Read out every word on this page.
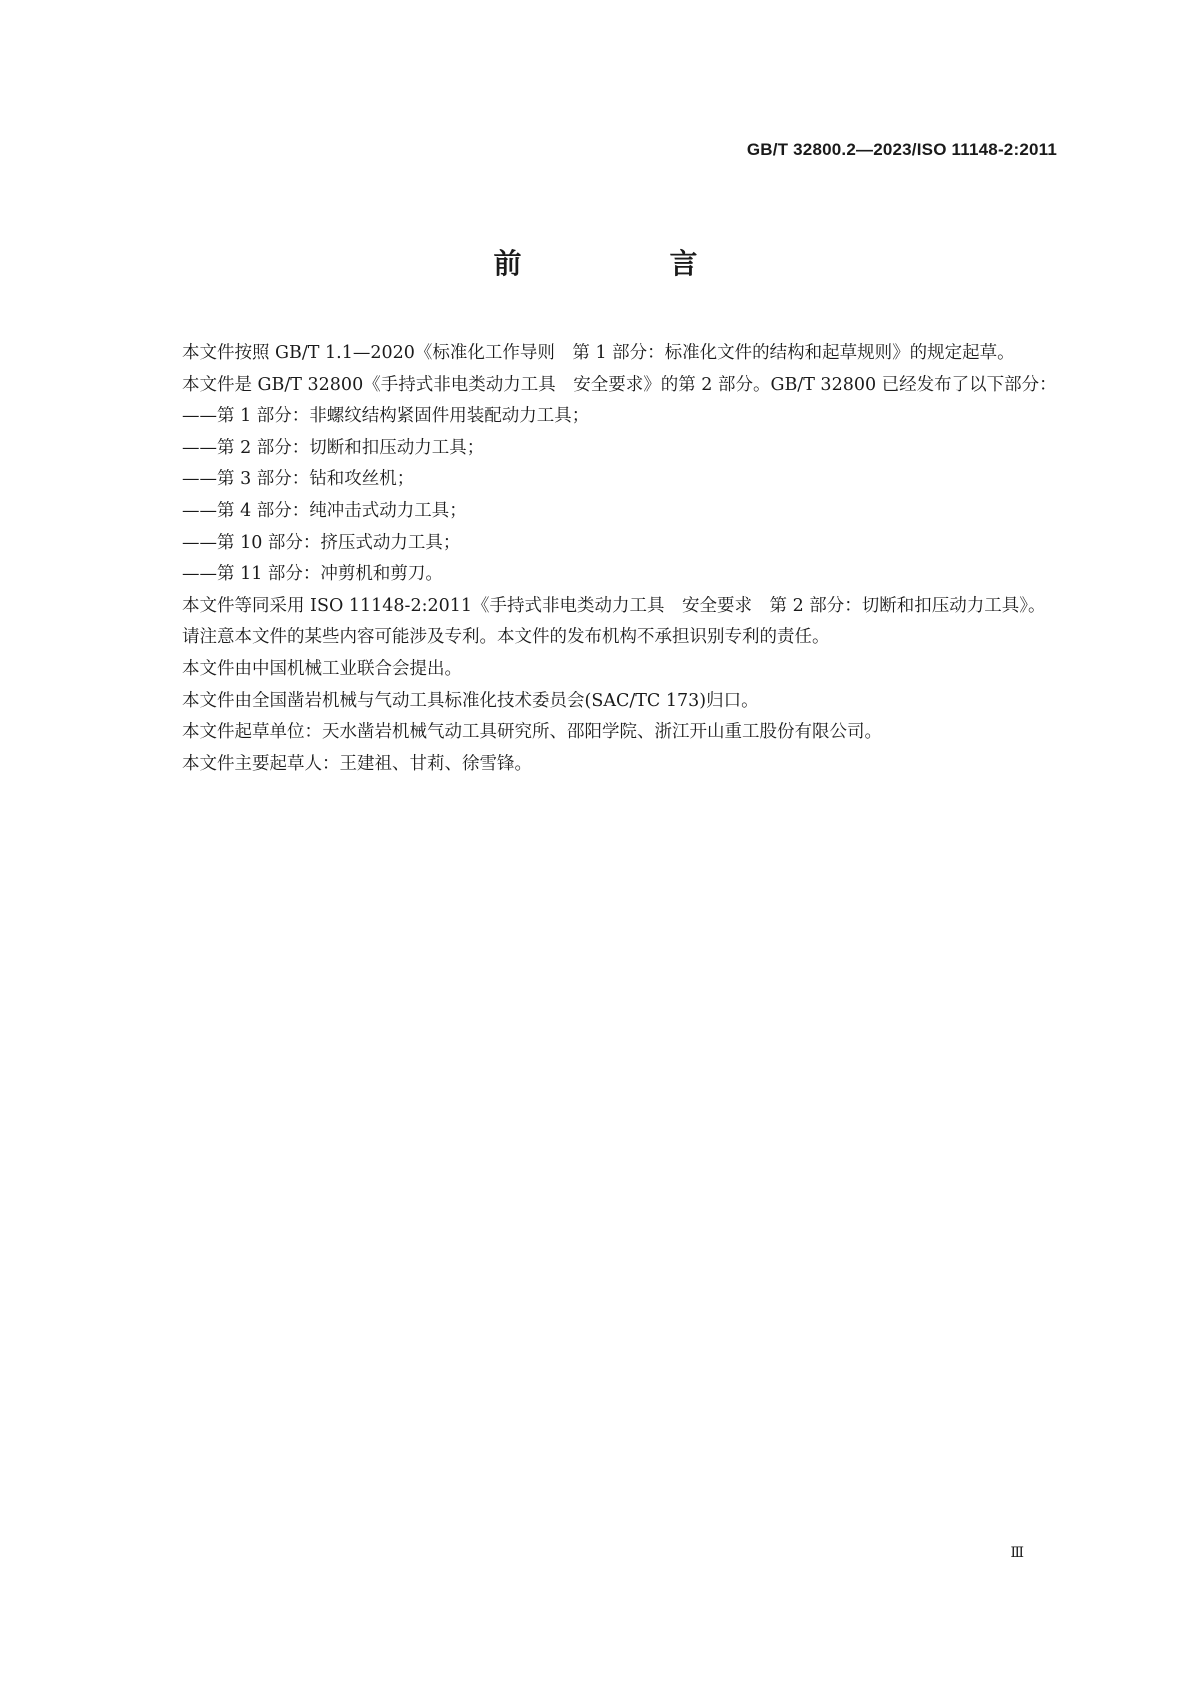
GB/T 32800.2—2023/ISO 11148-2:2011
前　言

本文件按照 GB/T 1.1—2020《标准化工作导则　第 1 部分：标准化文件的结构和起草规则》的规定起草。

本文件是 GB/T 32800《手持式非电类动力工具　安全要求》的第 2 部分。GB/T 32800 已经发布了以下部分：

——第 1 部分：非螺纹结构紧固件用装配动力工具；

——第 2 部分：切断和扣压动力工具；

——第 3 部分：钻和攻丝机；

——第 4 部分：纯冲击式动力工具；

——第 10 部分：挤压式动力工具；

——第 11 部分：冲剪机和剪刀。

本文件等同采用 ISO 11148-2:2011《手持式非电类动力工具　安全要求　第 2 部分：切断和扣压动力工具》。

请注意本文件的某些内容可能涉及专利。本文件的发布机构不承担识别专利的责任。

本文件由中国机械工业联合会提出。

本文件由全国凿岩机械与气动工具标准化技术委员会(SAC/TC 173)归口。

本文件起草单位：天水凿岩机械气动工具研究所、邵阳学院、浙江开山重工股份有限公司。

本文件主要起草人：王建祖、甘莉、徐雪锋。

Ⅲ
